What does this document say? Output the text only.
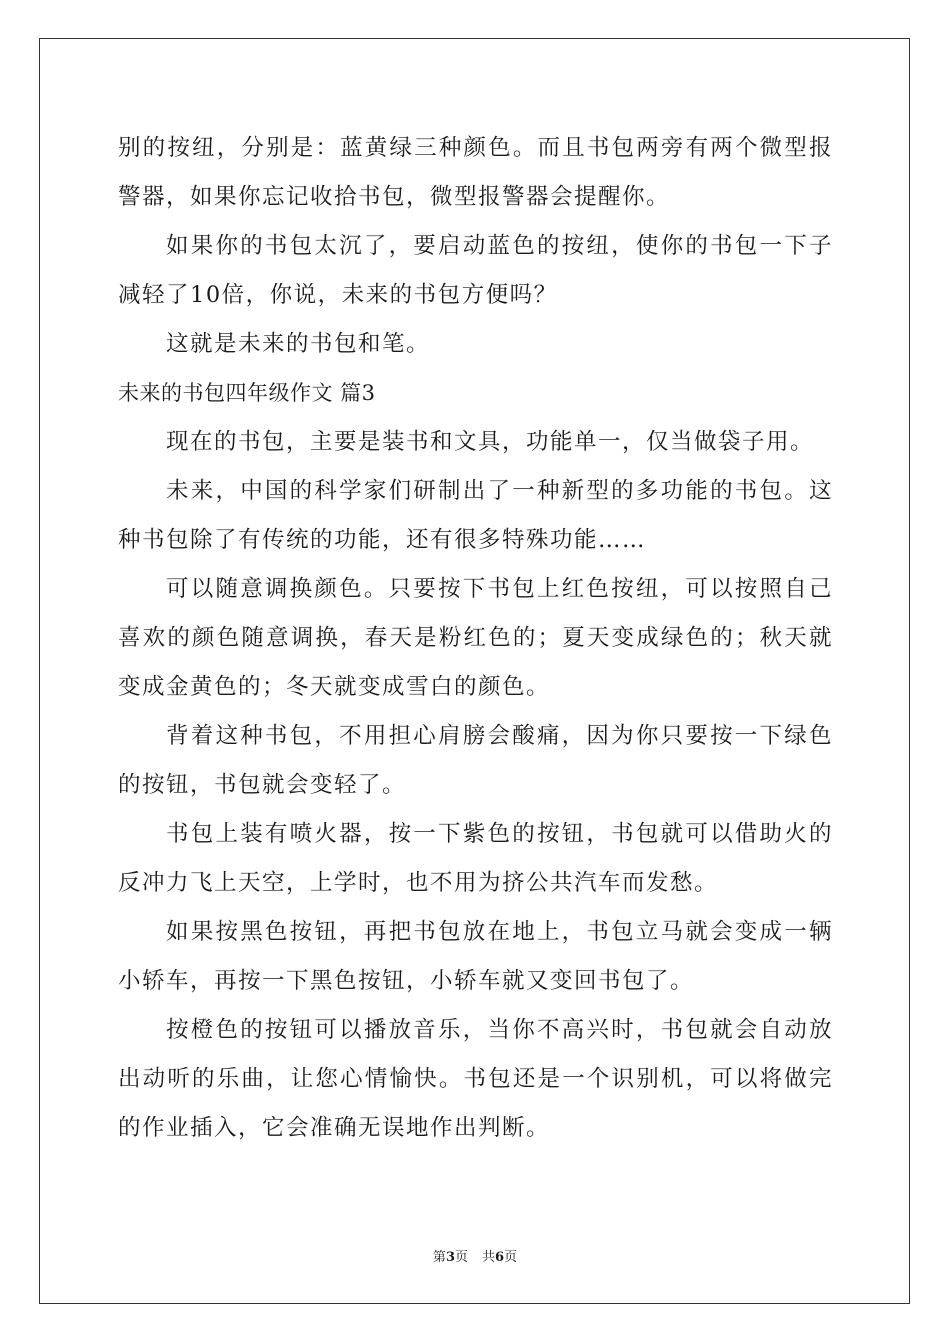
别的按纽，分别是：蓝黄绿三种颜色。而且书包两旁有两个微型报警器，如果你忘记收拾书包，微型报警器会提醒你。

如果你的书包太沉了，要启动蓝色的按纽，使你的书包一下子减轻了10倍，你说，未来的书包方便吗？

这就是未来的书包和笔。

未来的书包四年级作文 篇3

现在的书包，主要是装书和文具，功能单一，仅当做袋子用。

未来，中国的科学家们研制出了一种新型的多功能的书包。这种书包除了有传统的功能，还有很多特殊功能……

可以随意调换颜色。只要按下书包上红色按纽，可以按照自己喜欢的颜色随意调换，春天是粉红色的；夏天变成绿色的；秋天就变成金黄色的；冬天就变成雪白的颜色。

背着这种书包，不用担心肩膀会酸痛，因为你只要按一下绿色的按钮，书包就会变轻了。

书包上装有喷火器，按一下紫色的按钮，书包就可以借助火的反冲力飞上天空，上学时，也不用为挤公共汽车而发愁。

如果按黑色按钮，再把书包放在地上，书包立马就会变成一辆小轿车，再按一下黑色按钮，小轿车就又变回书包了。

按橙色的按钮可以播放音乐，当你不高兴时，书包就会自动放出动听的乐曲，让您心情愉快。书包还是一个识别机，可以将做完的作业插入，它会准确无误地作出判断。

第3页 共6页
